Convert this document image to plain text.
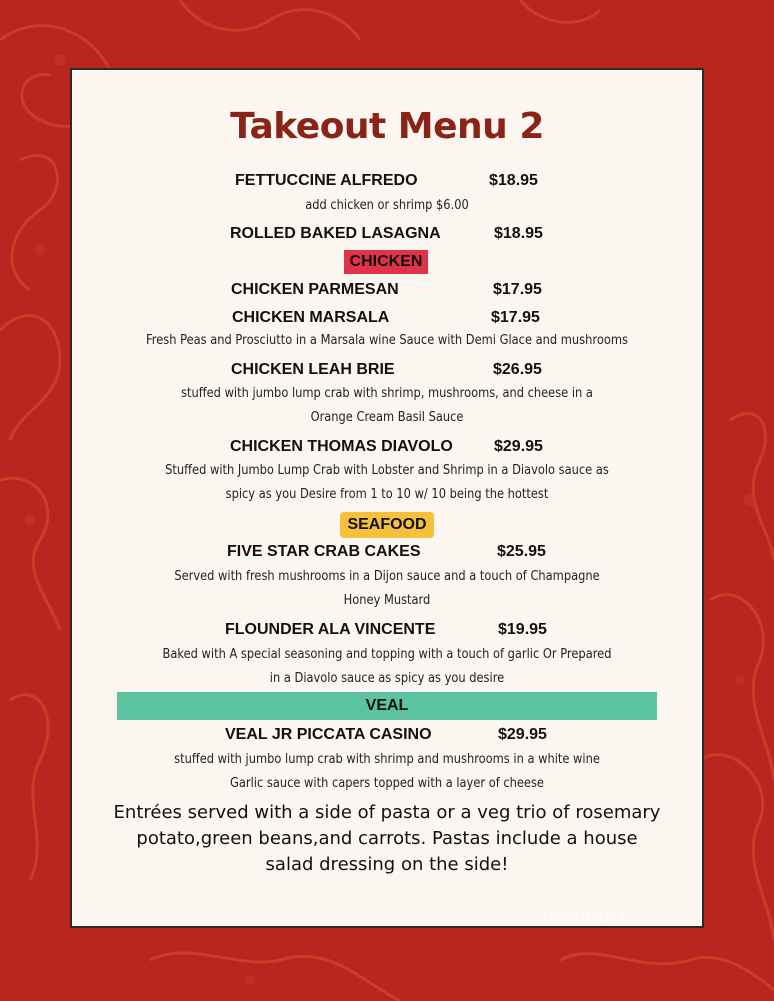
Takeout Menu 2
FETTUCCINE ALFREDO	$18.95
add chicken or shrimp $6.00
ROLLED BAKED LASAGNA	$18.95
CHICKEN
CHICKEN PARMESAN	$17.95
CHICKEN MARSALA	$17.95
Fresh Peas and Prosciutto in a Marsala wine Sauce with Demi Glace and mushrooms
CHICKEN LEAH BRIE	$26.95
stuffed with jumbo lump crab with shrimp, mushrooms, and cheese in a Orange Cream Basil Sauce
CHICKEN THOMAS DIAVOLO	$29.95
Stuffed with Jumbo Lump Crab with Lobster and Shrimp in a Diavolo sauce as spicy as you Desire from 1 to 10 w/ 10 being the hottest
SEAFOOD
FIVE STAR CRAB CAKES	$25.95
Served with fresh mushrooms in a Dijon sauce and a touch of Champagne Honey Mustard
FLOUNDER ALA VINCENTE	$19.95
Baked with A special seasoning and topping with a touch of garlic Or Prepared in a Diavolo sauce as spicy as you desire
VEAL
VEAL JR PICCATA CASINO	$29.95
stuffed with jumbo lump crab with shrimp and mushrooms in a white wine Garlic sauce with capers topped with a layer of cheese
Entrées served with a side of pasta or a veg trio of rosemary potato,green beans,and carrots. Pastas include a house salad dressing on the side!
menupix
